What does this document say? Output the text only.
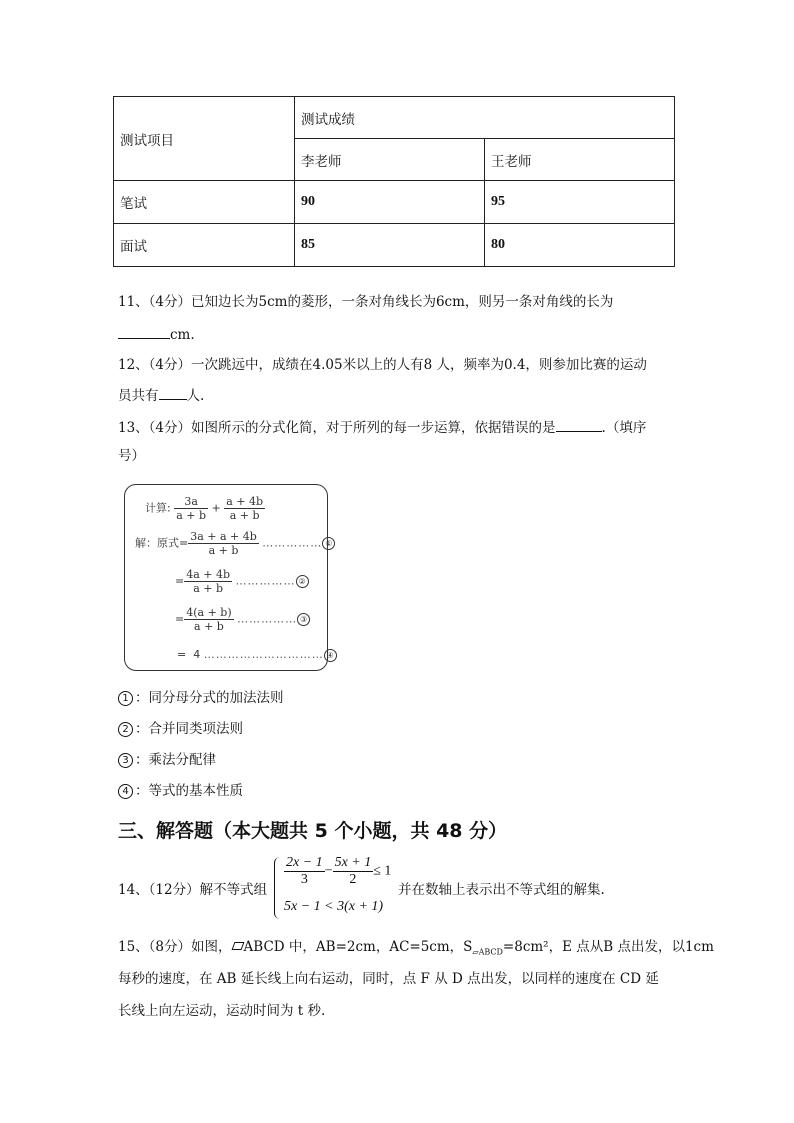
测试项目	测试成绩	
	李老师	王老师
笔试	90	95
面试	85	80
11、（4分）已知边长为5cm的菱形，一条对角线长为6cm，则另一条对角线的长为
cm.
12、（4分）一次跳远中，成绩在4.05米以上的人有8 人，频率为0.4，则参加比赛的运动
员共有 人.
13、（4分）如图所示的分式化简，对于所列的每一步运算，依据错误的是	.（填序
号）
计算: $\frac{3a}{a + b} + \frac{a + 4b}{a + b}$
解：原式= $\frac{3a + a + 4b}{a + b}$ …………… ①
= $\frac{4a + 4b}{a + b}$ …………… ②
= $\frac{4(a + b)}{a + b}$ …………… ③
= 4 ………………………… ④
1 ：同分母分式的加法法则
2 ：合并同类项法则
3 ：乘法分配律
4 ：等式的基本性质
三、解答题（本大题共 5 个小题，共 48 分）
14、（12分）解不等式组
$\frac{2x - 1}{3} - \frac{5x + 1}{2} \le 1$
5x − 1 < 3(x + 1)
并在数轴上表示出不等式组的解集.
15、（8分）如图， ABCD 中，AB=2cm，AC=5cm，$S_{▱ABCD}=8cm^2$，E 点从B 点出发，以1cm
每秒的速度，在 AB 延长线上向右运动，同时，点 F 从 D 点出发，以同样的速度在 CD 延
长线上向左运动，运动时间为 t 秒.
